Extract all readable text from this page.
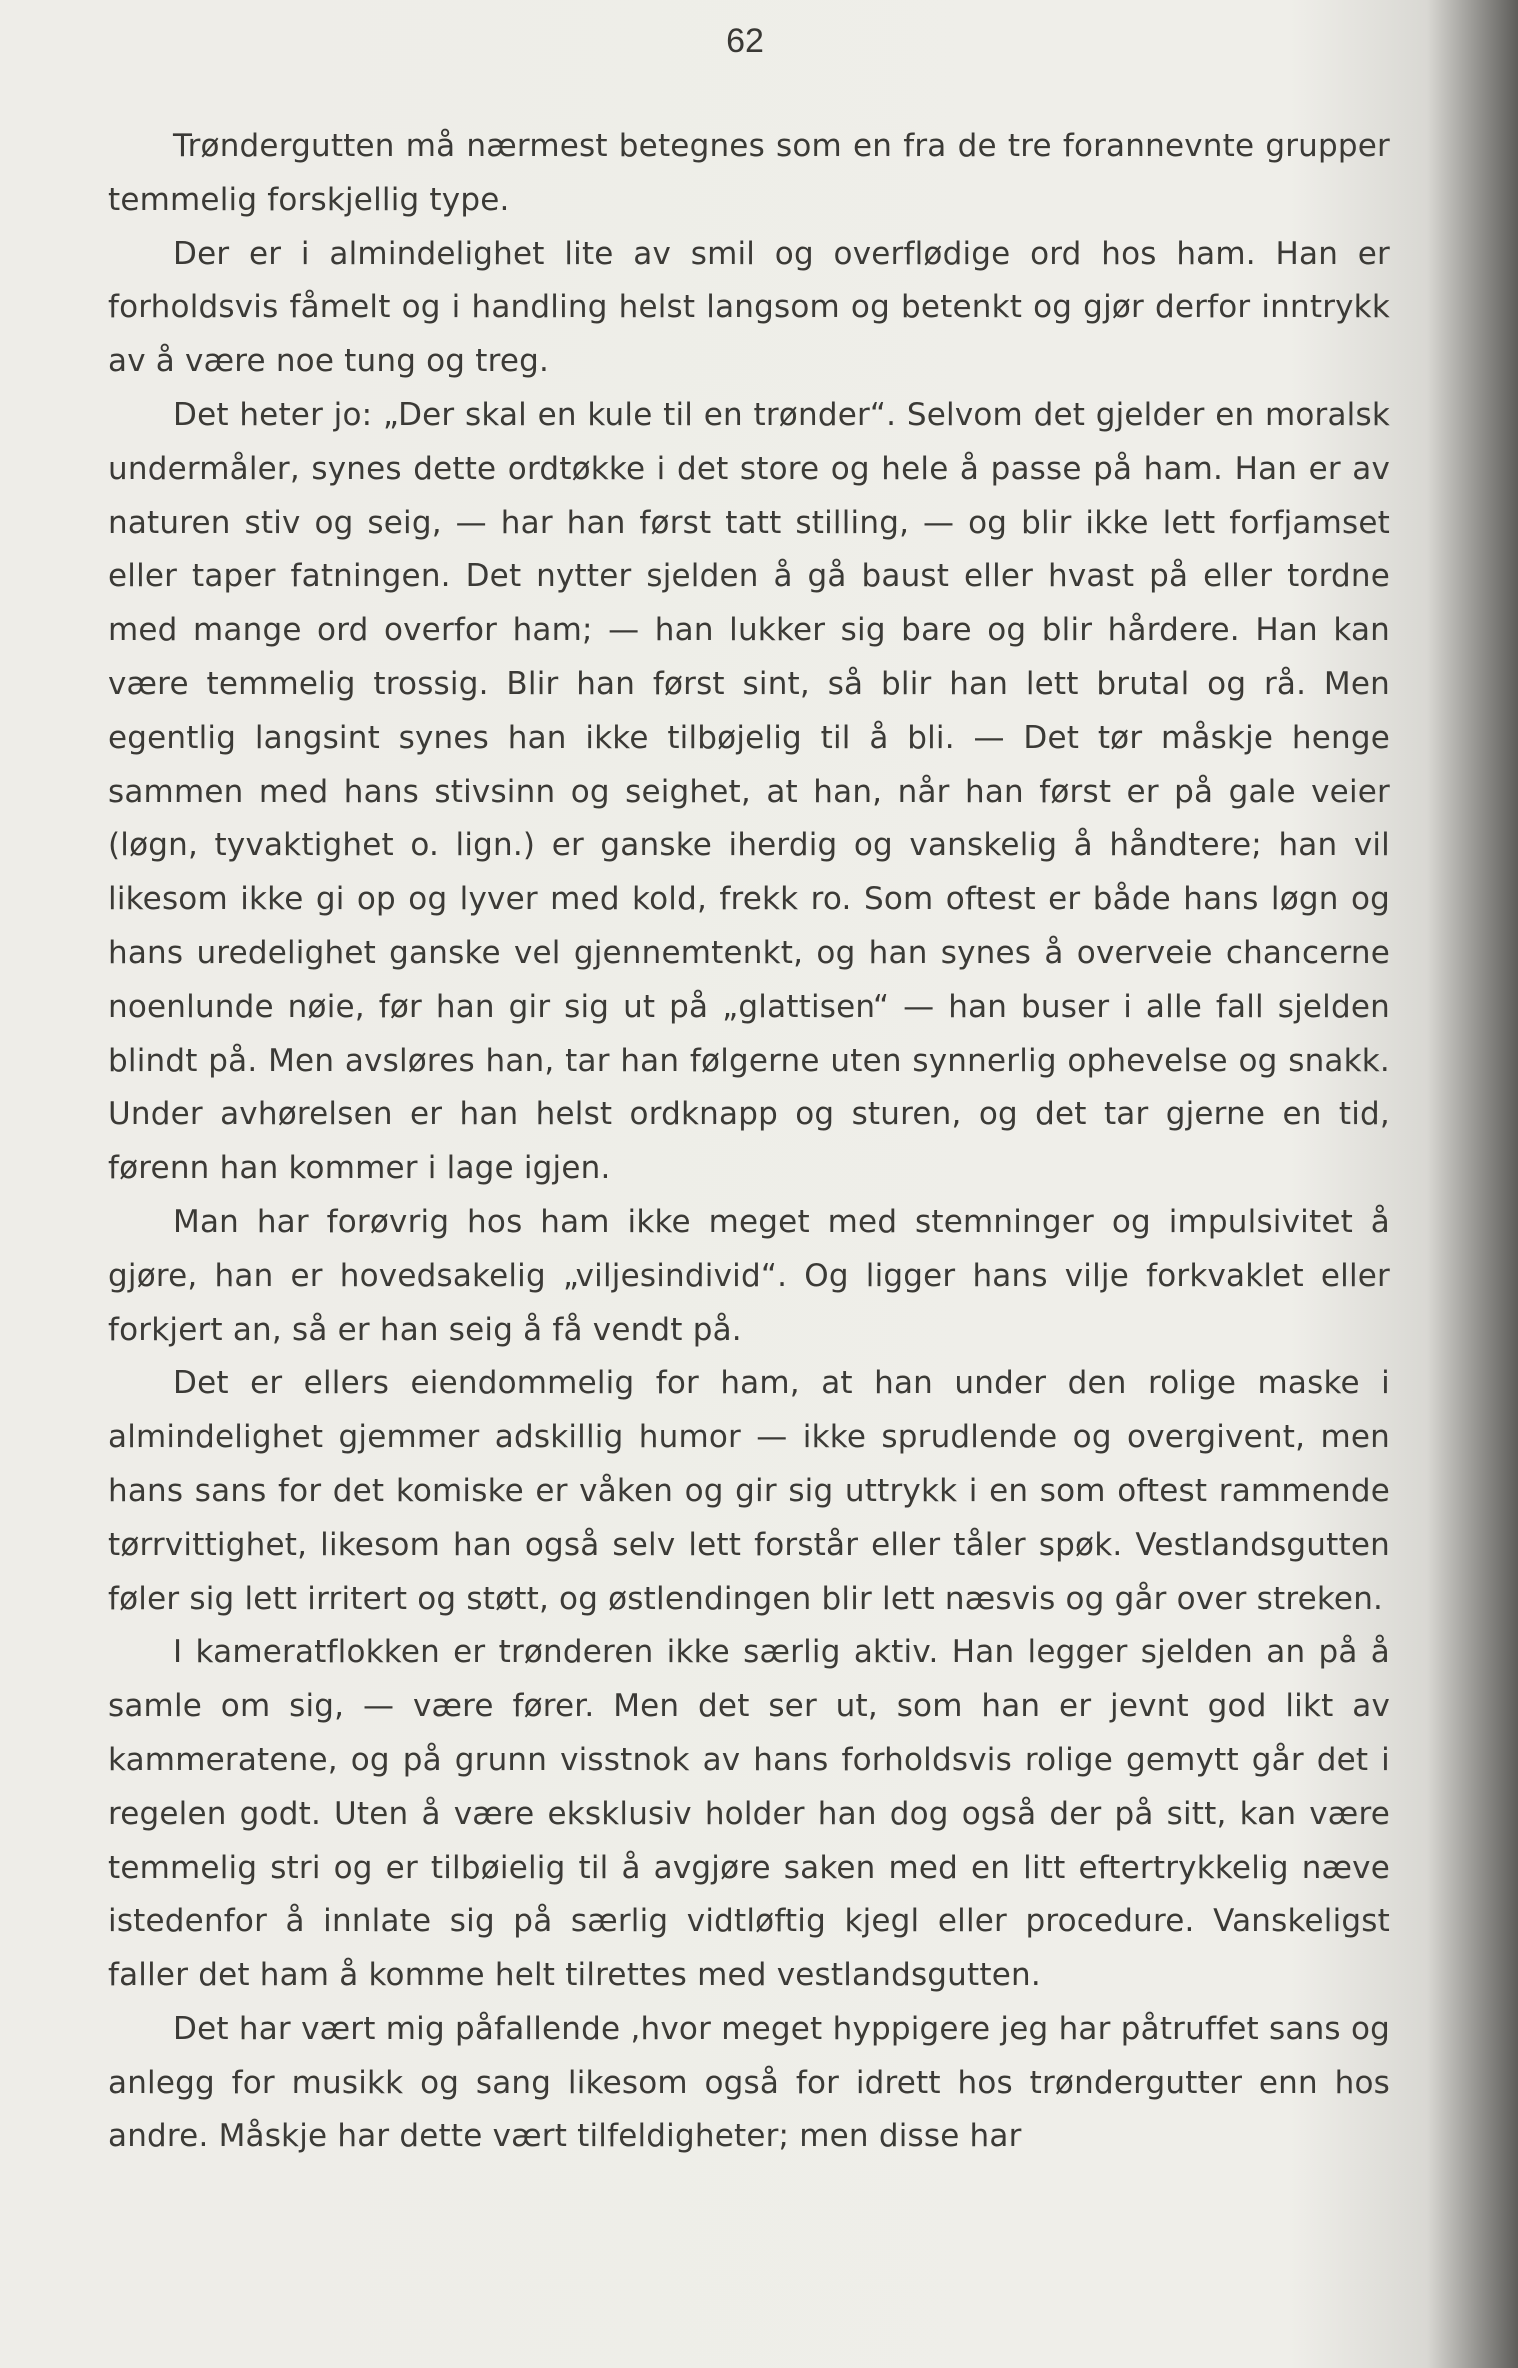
62

Trøndergutten må nærmest betegnes som en fra de tre forannevnte grupper temmelig forskjellig type.

Der er i almindelighet lite av smil og overflødige ord hos ham. Han er forholdsvis fåmelt og i handling helst langsom og betenkt og gjør derfor inntrykk av å være noe tung og treg.

Det heter jo: „Der skal en kule til en trønder“. Selvom det gjelder en moralsk undermåler, synes dette ordtøkke i det store og hele å passe på ham. Han er av naturen stiv og seig, — har han først tatt stilling, — og blir ikke lett forfjamset eller taper fatningen. Det nytter sjelden å gå baust eller hvast på eller tordne med mange ord overfor ham; — han lukker sig bare og blir hårdere. Han kan være temmelig trossig. Blir han først sint, så blir han lett brutal og rå. Men egentlig langsint synes han ikke tilbøjelig til å bli. — Det tør måskje henge sammen med hans stivsinn og seighet, at han, når han først er på gale veier (løgn, tyvaktighet o. lign.) er ganske iherdig og vanskelig å håndtere; han vil likesom ikke gi op og lyver med kold, frekk ro. Som oftest er både hans løgn og hans uredelighet ganske vel gjennemtenkt, og han synes å overveie chancerne noenlunde nøie, før han gir sig ut på „glattisen“ — han buser i alle fall sjelden blindt på. Men avsløres han, tar han følgerne uten synnerlig ophevelse og snakk. Under avhørelsen er han helst ordknapp og sturen, og det tar gjerne en tid, førenn han kommer i lage igjen.

Man har forøvrig hos ham ikke meget med stemninger og impulsivitet å gjøre, han er hovedsakelig „viljesindivid“. Og ligger hans vilje forkvaklet eller forkjert an, så er han seig å få vendt på.

Det er ellers eiendommelig for ham, at han under den rolige maske i almindelighet gjemmer adskillig humor — ikke sprudlende og overgivent, men hans sans for det komiske er våken og gir sig uttrykk i en som oftest rammende tørrvittighet, likesom han også selv lett forstår eller tåler spøk. Vestlandsgutten føler sig lett irritert og støtt, og østlendingen blir lett næsvis og går over streken.

I kameratflokken er trønderen ikke særlig aktiv. Han legger sjelden an på å samle om sig, — være fører. Men det ser ut, som han er jevnt god likt av kammeratene, og på grunn visstnok av hans forholdsvis rolige gemytt går det i regelen godt. Uten å være eksklusiv holder han dog også der på sitt, kan være temmelig stri og er tilbøielig til å avgjøre saken med en litt eftertrykkelig næve istedenfor å innlate sig på særlig vidtløftig kjegl eller procedure. Vanskeligst faller det ham å komme helt tilrettes med vestlandsgutten.

Det har vært mig påfallende ,hvor meget hyppigere jeg har påtruffet sans og anlegg for musikk og sang likesom også for idrett hos trøndergutter enn hos andre. Måskje har dette vært tilfeldigheter; men disse har
